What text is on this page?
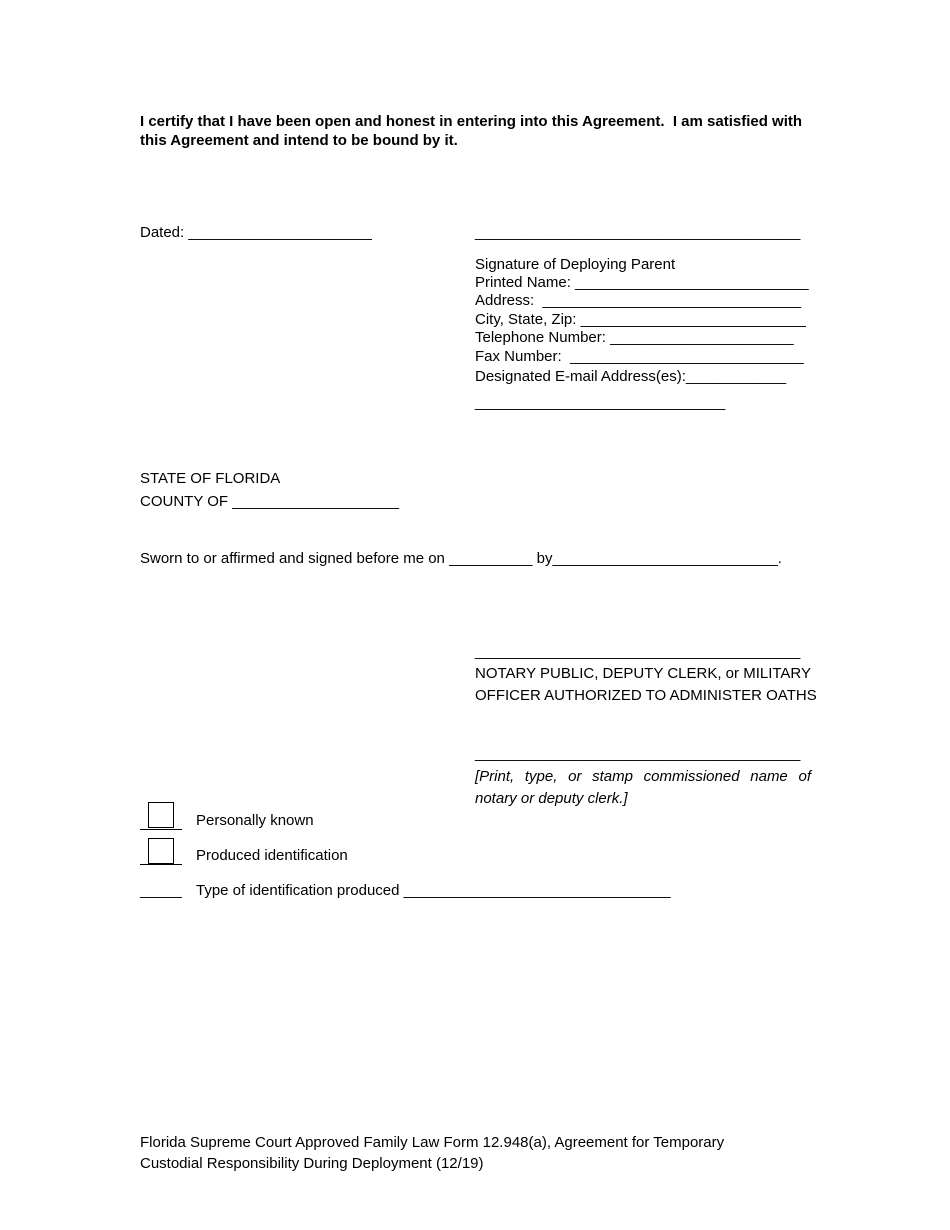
I certify that I have been open and honest in entering into this Agreement.  I am satisfied with
this Agreement and intend to be bound by it.
Dated: ______________________	_______________________________________
Signature of Deploying Parent
Printed Name: ____________________________
Address:  _______________________________
City, State, Zip: ___________________________
Telephone Number: ______________________
Fax Number:  ____________________________
Designated E-mail Address(es):____________
______________________________
STATE OF FLORIDA
COUNTY OF ____________________
Sworn to or affirmed and signed before me on __________ by___________________________.
_______________________________________
NOTARY PUBLIC, DEPUTY CLERK, or MILITARY
OFFICER AUTHORIZED TO ADMINISTER OATHS
_______________________________________
[Print, type, or stamp commissioned name of
notary or deputy clerk.]
Personally known
Produced identification
_____ Type of identification produced ________________________________
Florida Supreme Court Approved Family Law Form 12.948(a), Agreement for Temporary
Custodial Responsibility During Deployment (12/19)
